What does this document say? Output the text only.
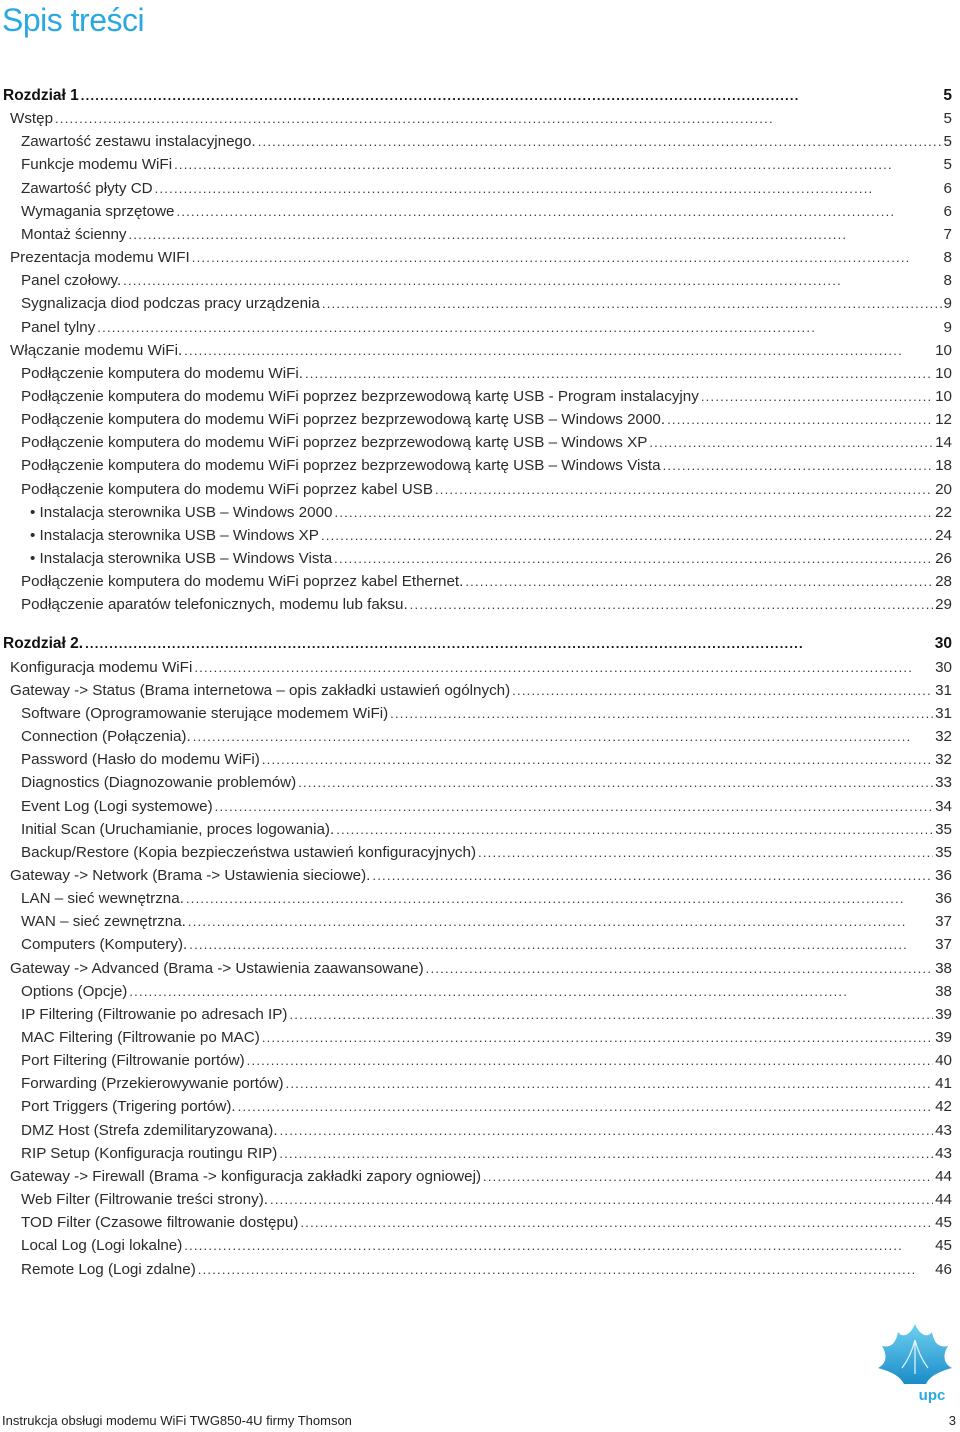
Spis treści
Rozdział 1 . . .	5
Wstęp . . .	5
Zawartość zestawu instalacyjnego. . . .	5
Funkcje modemu WiFi . . .	5
Zawartość płyty CD . . .	6
Wymagania sprzętowe . . .	6
Montaż ścienny . . .	7
Prezentacja modemu WIFI . . .	8
Panel czołowy. . . .	8
Sygnalizacja diod podczas pracy urządzenia . . .	9
Panel tylny . . .	9
Włączanie modemu WiFi. . . .	10
Podłączenie komputera do modemu WiFi. . . .	10
Podłączenie komputera do modemu WiFi poprzez bezprzewodową kartę USB - Program instalacyjny . . .	10
Podłączenie komputera do modemu WiFi poprzez bezprzewodową kartę USB – Windows 2000. . . .	12
Podłączenie komputera do modemu WiFi poprzez bezprzewodową kartę USB – Windows XP . . .	14
Podłączenie komputera do modemu WiFi poprzez bezprzewodową kartę USB – Windows Vista . . .	18
Podłączenie komputera do modemu WiFi poprzez kabel USB . . .	20
• Instalacja sterownika USB – Windows 2000 . . .	22
• Instalacja sterownika USB – Windows XP . . .	24
• Instalacja sterownika USB – Windows Vista . . .	26
Podłączenie komputera do modemu WiFi poprzez kabel Ethernet. . . .	28
Podłączenie aparatów telefonicznych, modemu lub faksu. . . .	29
Rozdział 2. . . .	30
Konfiguracja modemu WiFi . . .	30
Gateway -> Status (Brama internetowa – opis zakładki ustawień ogólnych) . . .	31
Software (Oprogramowanie sterujące modemem WiFi) . . .	31
Connection (Połączenia). . . .	32
Password (Hasło do modemu WiFi) . . .	32
Diagnostics (Diagnozowanie problemów) . . .	33
Event Log (Logi systemowe) . . .	34
Initial Scan (Uruchamianie, proces logowania). . . .	35
Backup/Restore (Kopia bezpieczeństwa ustawień konfiguracyjnych) . . .	35
Gateway -> Network (Brama -> Ustawienia sieciowe). . . .	36
LAN – sieć wewnętrzna. . . .	36
WAN – sieć zewnętrzna. . . .	37
Computers (Komputery). . . .	37
Gateway -> Advanced (Brama -> Ustawienia zaawansowane) . . .	38
Options (Opcje) . . .	38
IP Filtering (Filtrowanie po adresach IP) . . .	39
MAC Filtering (Filtrowanie po MAC) . . .	39
Port Filtering (Filtrowanie portów) . . .	40
Forwarding (Przekierowywanie portów) . . .	41
Port Triggers (Trigering portów). . . .	42
DMZ Host (Strefa zdemilitaryzowana). . . .	43
RIP Setup (Konfiguracja routingu RIP) . . .	43
Gateway -> Firewall (Brama -> konfiguracja zakładki zapory ogniowej) . . .	44
Web Filter (Filtrowanie treści strony). . . .	44
TOD Filter (Czasowe filtrowanie dostępu) . . .	45
Local Log (Logi lokalne) . . .	45
Remote Log (Logi zdalne) . . .	46
upc
Instrukcja obsługi modemu WiFi TWG850-4U firmy Thomson	3
